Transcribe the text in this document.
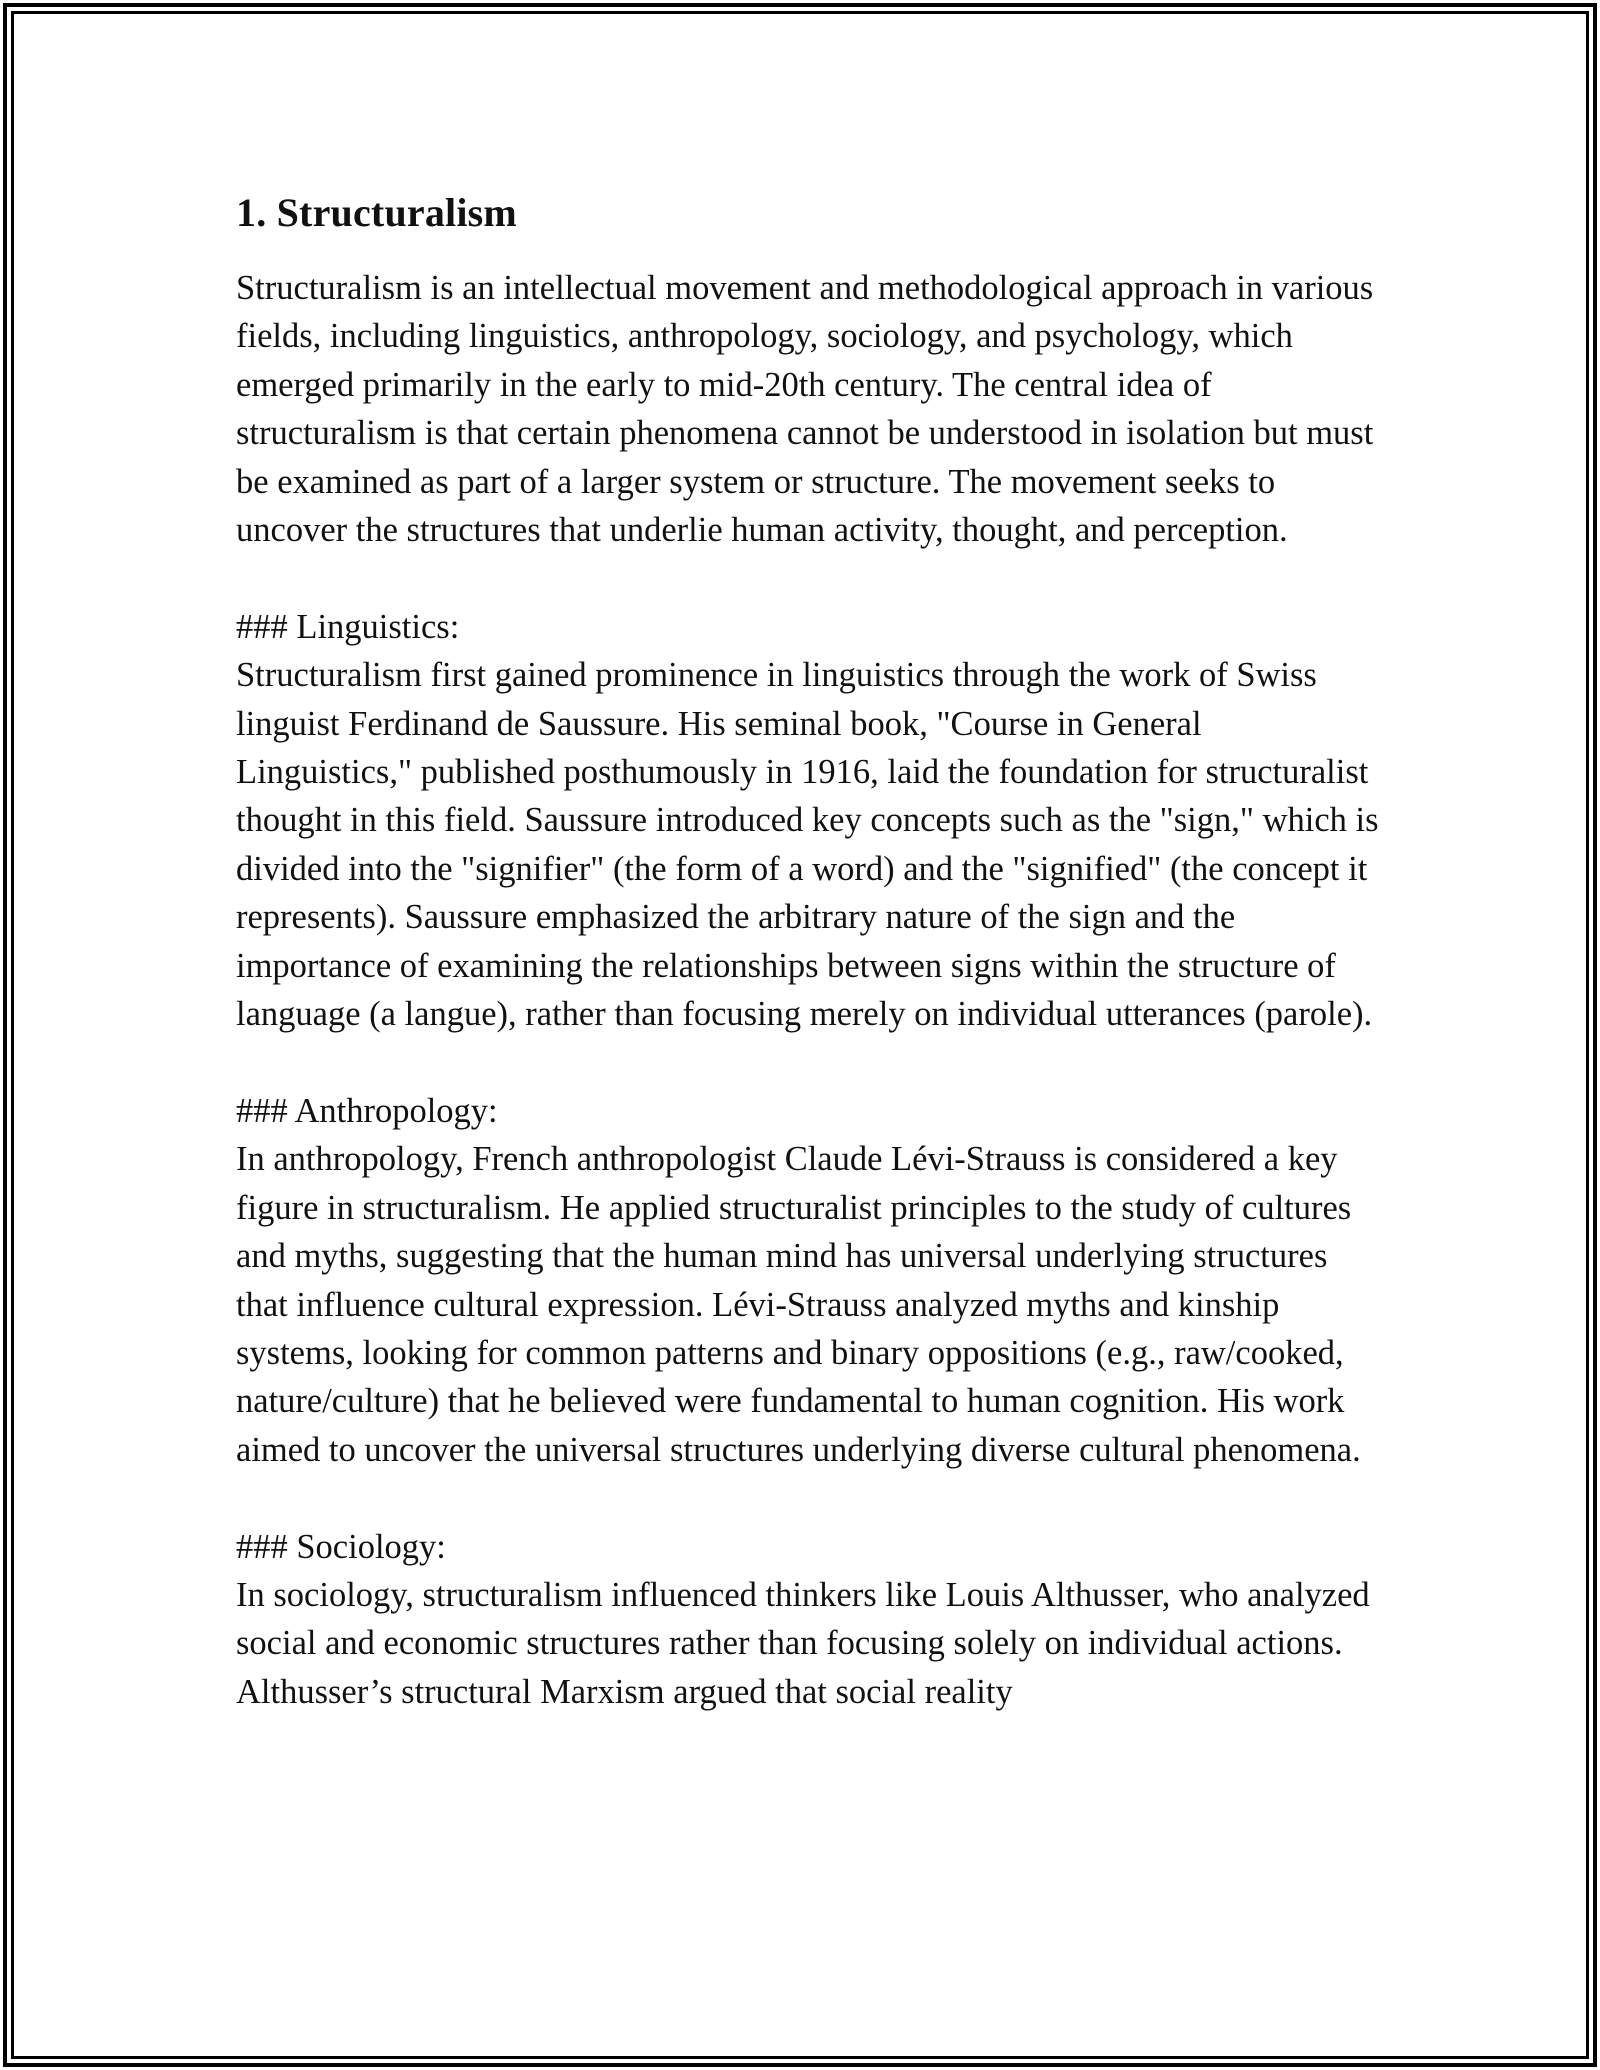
1. Structuralism

Structuralism is an intellectual movement and methodological approach in various fields, including linguistics, anthropology, sociology, and psychology, which emerged primarily in the early to mid-20th century. The central idea of structuralism is that certain phenomena cannot be understood in isolation but must be examined as part of a larger system or structure. The movement seeks to uncover the structures that underlie human activity, thought, and perception.

### Linguistics:

Structuralism first gained prominence in linguistics through the work of Swiss linguist Ferdinand de Saussure. His seminal book, "Course in General Linguistics," published posthumously in 1916, laid the foundation for structuralist thought in this field. Saussure introduced key concepts such as the "sign," which is divided into the "signifier" (the form of a word) and the "signified" (the concept it represents). Saussure emphasized the arbitrary nature of the sign and the importance of examining the relationships between signs within the structure of language (a langue), rather than focusing merely on individual utterances (parole).

### Anthropology:

In anthropology, French anthropologist Claude Lévi-Strauss is considered a key figure in structuralism. He applied structuralist principles to the study of cultures and myths, suggesting that the human mind has universal underlying structures that influence cultural expression. Lévi-Strauss analyzed myths and kinship systems, looking for common patterns and binary oppositions (e.g., raw/cooked, nature/culture) that he believed were fundamental to human cognition. His work aimed to uncover the universal structures underlying diverse cultural phenomena.

### Sociology:

In sociology, structuralism influenced thinkers like Louis Althusser, who analyzed social and economic structures rather than focusing solely on individual actions. Althusser’s structural Marxism argued that social reality
